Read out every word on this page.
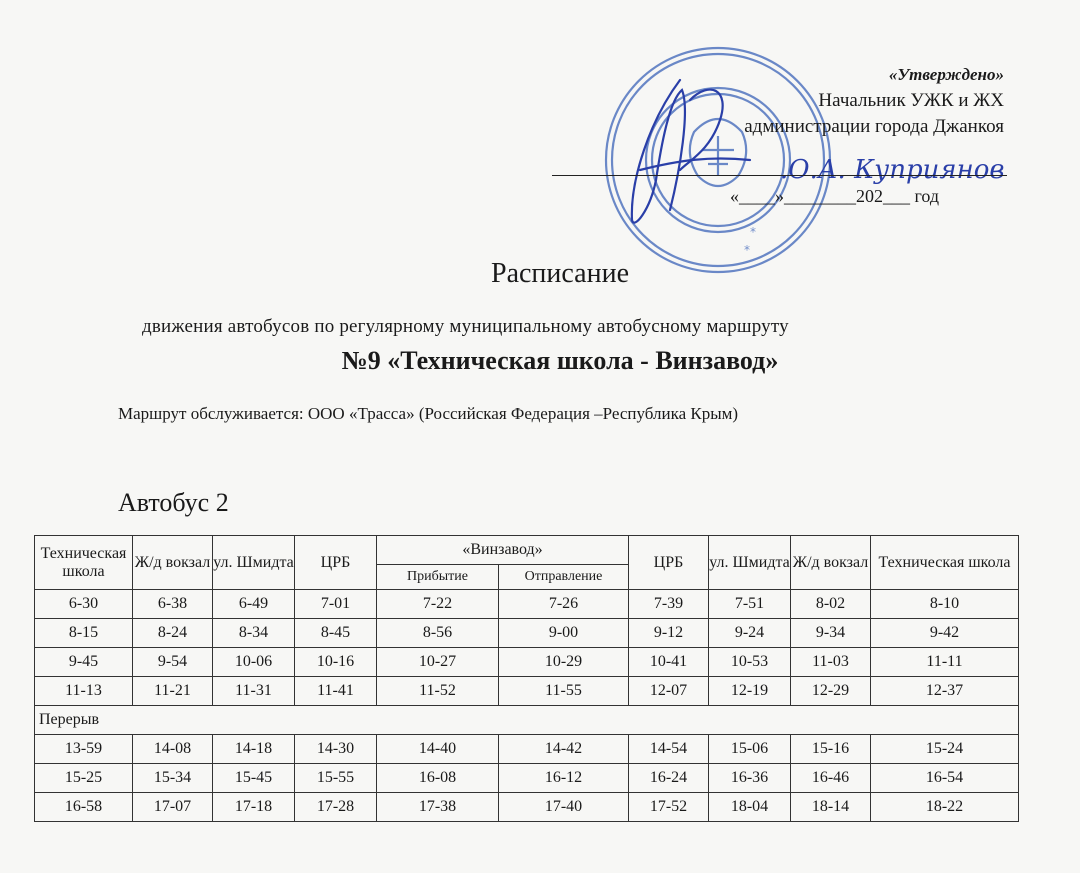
*
*
.О.А. Куприянов
«Утверждено»
Начальник УЖК и ЖХ
администрации города Джанкоя
«____»________202___ год
Расписание
движения автобусов по регулярному муниципальному автобусному маршруту
№9 «Техническая школа - Винзавод»
Маршрут обслуживается: ООО «Трасса» (Российская Федерация –Республика Крым)
Автобус 2
Техническая школа	Ж/д вокзал	ул. Шмидта	ЦРБ	«Винзавод»		ЦРБ	ул. Шмидта	Ж/д вокзал	Техническая школа
				Прибытие	Отправление				
6-30	6-38	6-49	7-01	7-22	7-26	7-39	7-51	8-02	8-10
8-15	8-24	8-34	8-45	8-56	9-00	9-12	9-24	9-34	9-42
9-45	9-54	10-06	10-16	10-27	10-29	10-41	10-53	11-03	11-11
11-13	11-21	11-31	11-41	11-52	11-55	12-07	12-19	12-29	12-37
Перерыв									
13-59	14-08	14-18	14-30	14-40	14-42	14-54	15-06	15-16	15-24
15-25	15-34	15-45	15-55	16-08	16-12	16-24	16-36	16-46	16-54
16-58	17-07	17-18	17-28	17-38	17-40	17-52	18-04	18-14	18-22
